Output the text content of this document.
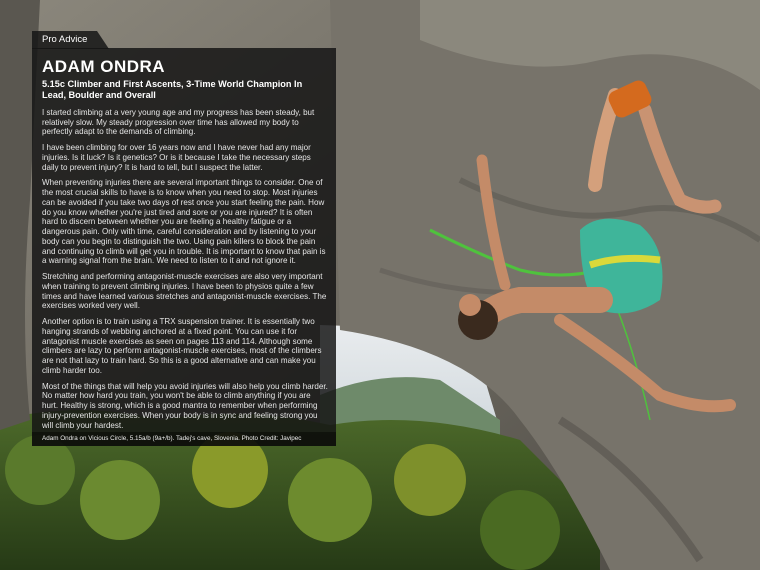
Pro Advice
ADAM ONDRA
5.15c Climber and First Ascents, 3-Time World Champion In Lead, Boulder and Overall

I started climbing at a very young age and my progress has been steady, but relatively slow. My steady progression over time has allowed my body to perfectly adapt to the demands of climbing.

I have been climbing for over 16 years now and I have never had any major injuries. Is it luck? Is it genetics? Or is it because I take the necessary steps daily to prevent injury? It is hard to tell, but I suspect the latter.

When preventing injuries there are several important things to consider. One of the most crucial skills to have is to know when you need to stop. Most injuries can be avoided if you take two days of rest once you start feeling the pain. How do you know whether you're just tired and sore or you are injured? It is often hard to discern between whether you are feeling a healthy fatigue or a dangerous pain. Only with time, careful consideration and by listening to your body can you begin to distinguish the two. Using pain killers to block the pain and continuing to climb will get you in trouble. It is important to know that pain is a warning signal from the brain. We need to listen to it and not ignore it.

Stretching and performing antagonist-muscle exercises are also very important when training to prevent climbing injuries. I have been to physios quite a few times and have learned various stretches and antagonist-muscle exercises. The exercises worked very well.

Another option is to train using a TRX suspension trainer. It is essentially two hanging strands of webbing anchored at a fixed point. You can use it for antagonist muscle exercises as seen on pages 113 and 114. Although some climbers are lazy to perform antagonist-muscle exercises, most of the climbers are not that lazy to train hard. So this is a good alternative and can make you climb harder too.

Most of the things that will help you avoid injuries will also help you climb harder. No matter how hard you train, you won't be able to climb anything if you are hurt. Healthy is strong, which is a good mantra to remember when performing injury-prevention exercises. When your body is in sync and feeling strong you will climb your hardest.

Adam Ondra on Vicious Circle, 5.15a/b (9a+/b). Tadej's cave, Slovenia. Photo Credit: Javipec
